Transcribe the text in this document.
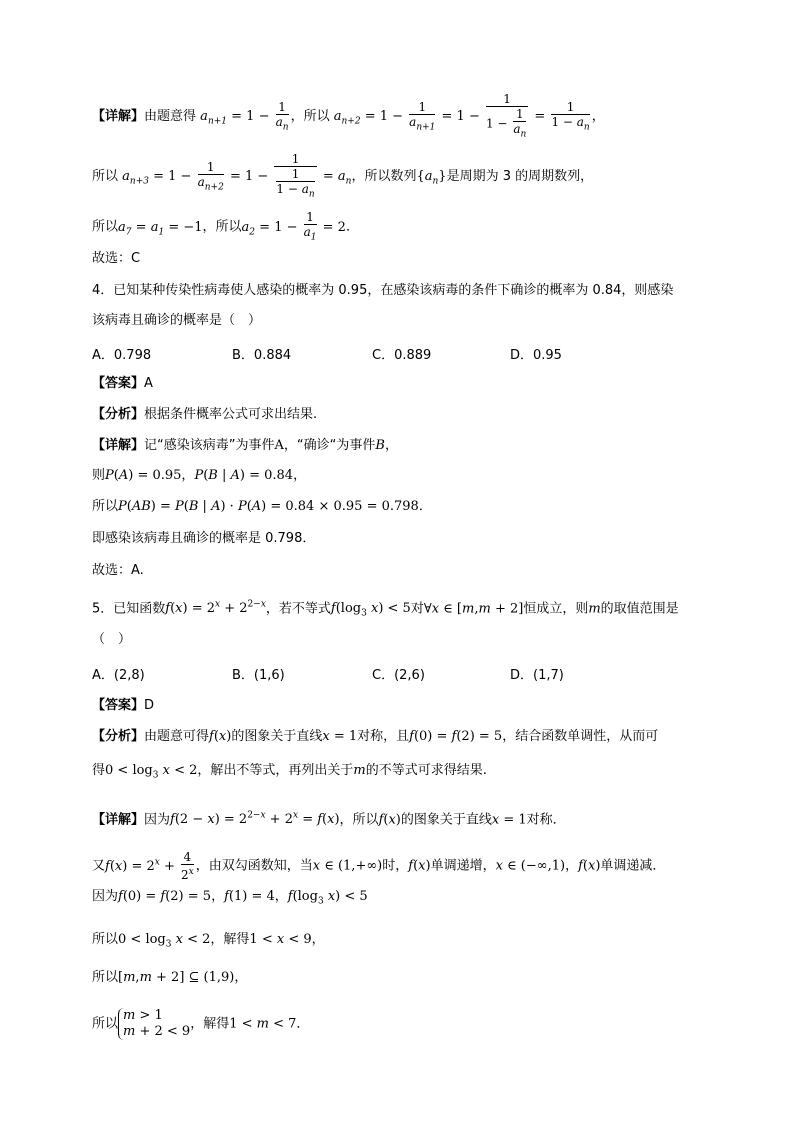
【详解】由题意得 $a_{n+1} = 1 - \frac{1}{a_n}$ ，所以 $a_{n+2} = 1 - \frac{1}{a_{n+1}} = 1 - \frac{1}{1 - \frac{1}{a_n}} = \frac{1}{1 - a_n}$ ，
所以 $a_{n+3} = 1 - \frac{1}{a_{n+2}} = 1 - \frac{1}{\frac{1}{1 - a_n}} = a_n$，所以数列$\{a_n\}$是周期为 3 的周期数列，
所以$a_7 = a_1 = -1$，所以$a_2 = 1 - \frac{1}{a_1} = 2$．
故选：C
4．已知某种传染性病毒使人感染的概率为 0.95，在感染该病毒的条件下确诊的概率为 0.84，则感染
该病毒且确诊的概率是（　）
A．0.798	B．0.884	C．0.889	D．0.95
【答案】A
【分析】根据条件概率公式可求出结果.
【详解】记“感染该病毒”为事件A，“确诊“为事件B，
则P(A) = 0.95，P(B | A) = 0.84，
所以P(AB) = P(B | A) · P(A) = 0.84 × 0.95 = 0.798．
即感染该病毒且确诊的概率是 0.798．
故选：A.
5．已知函数$f(x) = 2^x + 2^{2-x}$，若不等式$f(\log_3$ x) < 5对∀x ∈ [m,m + 2]恒成立，则m的取值范围是
（　）
A．(2,8)	B．(1,6)	C．(2,6)	D．(1,7)
【答案】D
【分析】由题意可得f(x)的图象关于直线x = 1对称，且f(0) = f(2) = 5，结合函数单调性，从而可
得$0 < \log_3 x < 2$，解出不等式，再列出关于m的不等式可求得结果.
【详解】因为$f(2 - x) = 2^{2-x} + 2^x = f(x)$，所以f(x)的图象关于直线x = 1对称．
又$f(x) = 2^x + \frac{4}{2^x}$ ，由双勾函数知，当x ∈ (1,+∞)时，f(x)单调递增，x ∈ (−∞,1)，f(x)单调递减．
因为f(0) = f(2) = 5，f(1) = 4，$f(\log_3$ x) < 5
所以$0 < \log_3 x < 2$，解得1 < x < 9，
所以[m,m + 2] ⊆ (1,9)，
所以
m > 1
m + 2 < 9 ，解得1 < m < 7．
